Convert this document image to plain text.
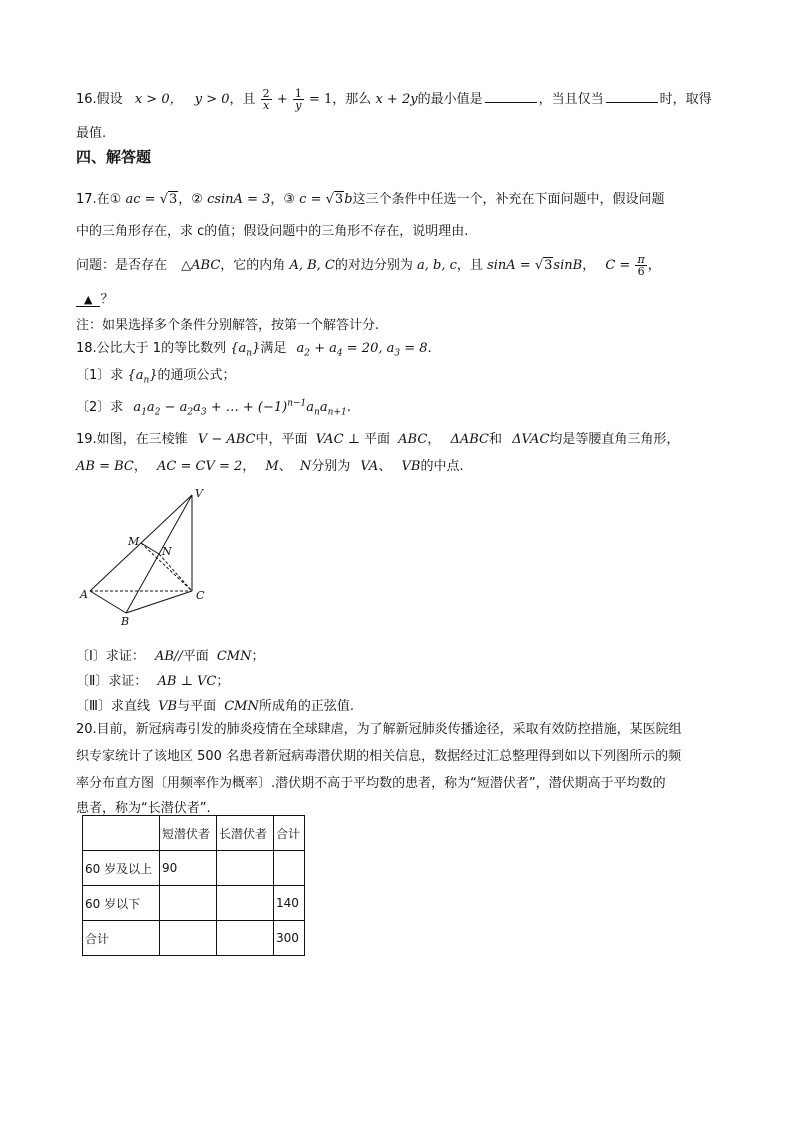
16.假设 x > 0， y > 0，且 $\frac{2}{x} + \frac{1}{y} = 1$，那么 x + 2y的最小值是	，当且仅当	时，取得
最值.
四、解答题
17.在① ac = √3，② csinA = 3，③ c = √3b这三个条件中任选一个，补充在下面问题中，假设问题
中的三角形存在，求 c的值；假设问题中的三角形不存在，说明理由.
问题：是否存在 △ABC，它的内角 A, B, C的对边分别为 a, b, c，且 sinA = √3sinB， $C = \frac{\pi}{6}$ ，
▲ ？
注：如果选择多个条件分别解答，按第一个解答计分.
18.公比大于 1的等比数列 $\{a_n\}$满足 $a_2 + a_4 = 20$, $a_3 = 8$.
〔1〕求 $\{a_n\}$的通项公式；
〔2〕求 $a_1a_2 - a_2a_3$ + … + $(-1)^{n-1}a_na_{n+1}$.
19.如图，在三棱锥 V − ABC中，平面 VAC ⊥ 平面 ABC， ΔABC和 ΔVAC均是等腰直角三角形，
AB = BC， AC = CV = 2， M、 N分别为 VA、 VB的中点.
V
M
N
A
B
C
〔Ⅰ〕求证： AB//平面 CMN；
〔Ⅱ〕求证： AB ⊥ VC；
〔Ⅲ〕求直线 VB与平面 CMN所成角的正弦值.
20.目前，新冠病毒引发的肺炎疫情在全球肆虐，为了解新冠肺炎传播途径，采取有效防控措施，某医院组
织专家统计了该地区 500 名患者新冠病毒潜伏期的相关信息，数据经过汇总整理得到如以下列图所示的频
率分布直方图〔用频率作为概率〕.潜伏期不高于平均数的患者，称为“短潜伏者”，潜伏期高于平均数的
患者，称为“长潜伏者”.
	短潜伏者	长潜伏者	合计
60 岁及以上	90		
60 岁以下			140
合计			300
